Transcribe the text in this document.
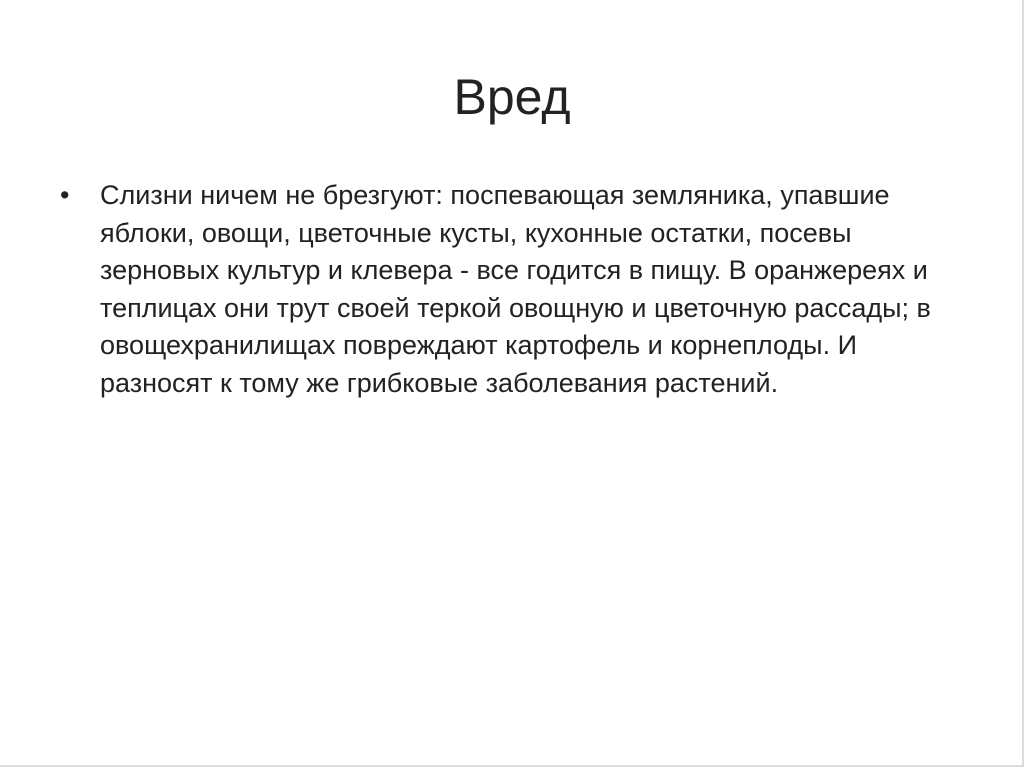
Вред
• Слизни ничем не брезгуют: поспевающая земляника, упавшие яблоки, овощи, цветочные кусты, кухонные остатки, посевы зерновых культур и клевера - все годится в пищу. В оранжереях и теплицах они трут своей теркой овощную и цветочную рассады; в овощехранилищах повреждают картофель и корнеплоды. И разносят к тому же грибковые заболевания растений.
